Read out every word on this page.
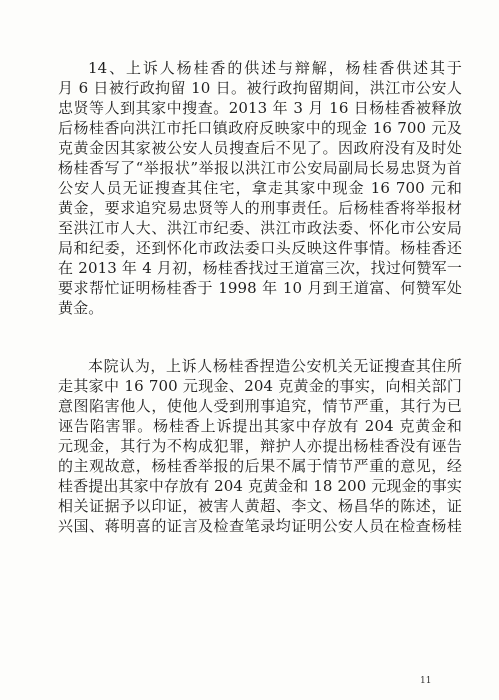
14、上诉人杨桂香的供述与辩解，杨桂香供述其于
月 6 日被行政拘留 10 日。被行政拘留期间，洪江市公安人
忠贤等人到其家中搜查。2013 年 3 月 16 日杨桂香被释放
后杨桂香向洪江市托口镇政府反映家中的现金 16 700 元及
克黄金因其家被公安人员搜查后不见了。因政府没有及时处
杨桂香写了“举报状”举报以洪江市公安局副局长易忠贤为首
公安人员无证搜查其住宅，拿走其家中现金 16 700 元和
黄金，要求追究易忠贤等人的刑事责任。后杨桂香将举报材
至洪江市人大、洪江市纪委、洪江市政法委、怀化市公安局
局和纪委，还到怀化市政法委口头反映这件事情。杨桂香还
在 2013 年 4 月初，杨桂香找过王道富三次，找过何赞军一
要求帮忙证明杨桂香于 1998 年 10 月到王道富、何赞军处
黄金。
本院认为，上诉人杨桂香捏造公安机关无证搜查其住所
走其家中 16 700 元现金、204 克黄金的事实，向相关部门
意图陷害他人，使他人受到刑事追究，情节严重，其行为已
诬告陷害罪。杨桂香上诉提出其家中存放有 204 克黄金和
元现金，其行为不构成犯罪，辩护人亦提出杨桂香没有诬告
的主观故意，杨桂香举报的后果不属于情节严重的意见，经
桂香提出其家中存放有 204 克黄金和 18 200 元现金的事实
相关证据予以印证，被害人黄超、李文、杨昌华的陈述，证
兴国、蒋明喜的证言及检查笔录均证明公安人员在检查杨桂
11
